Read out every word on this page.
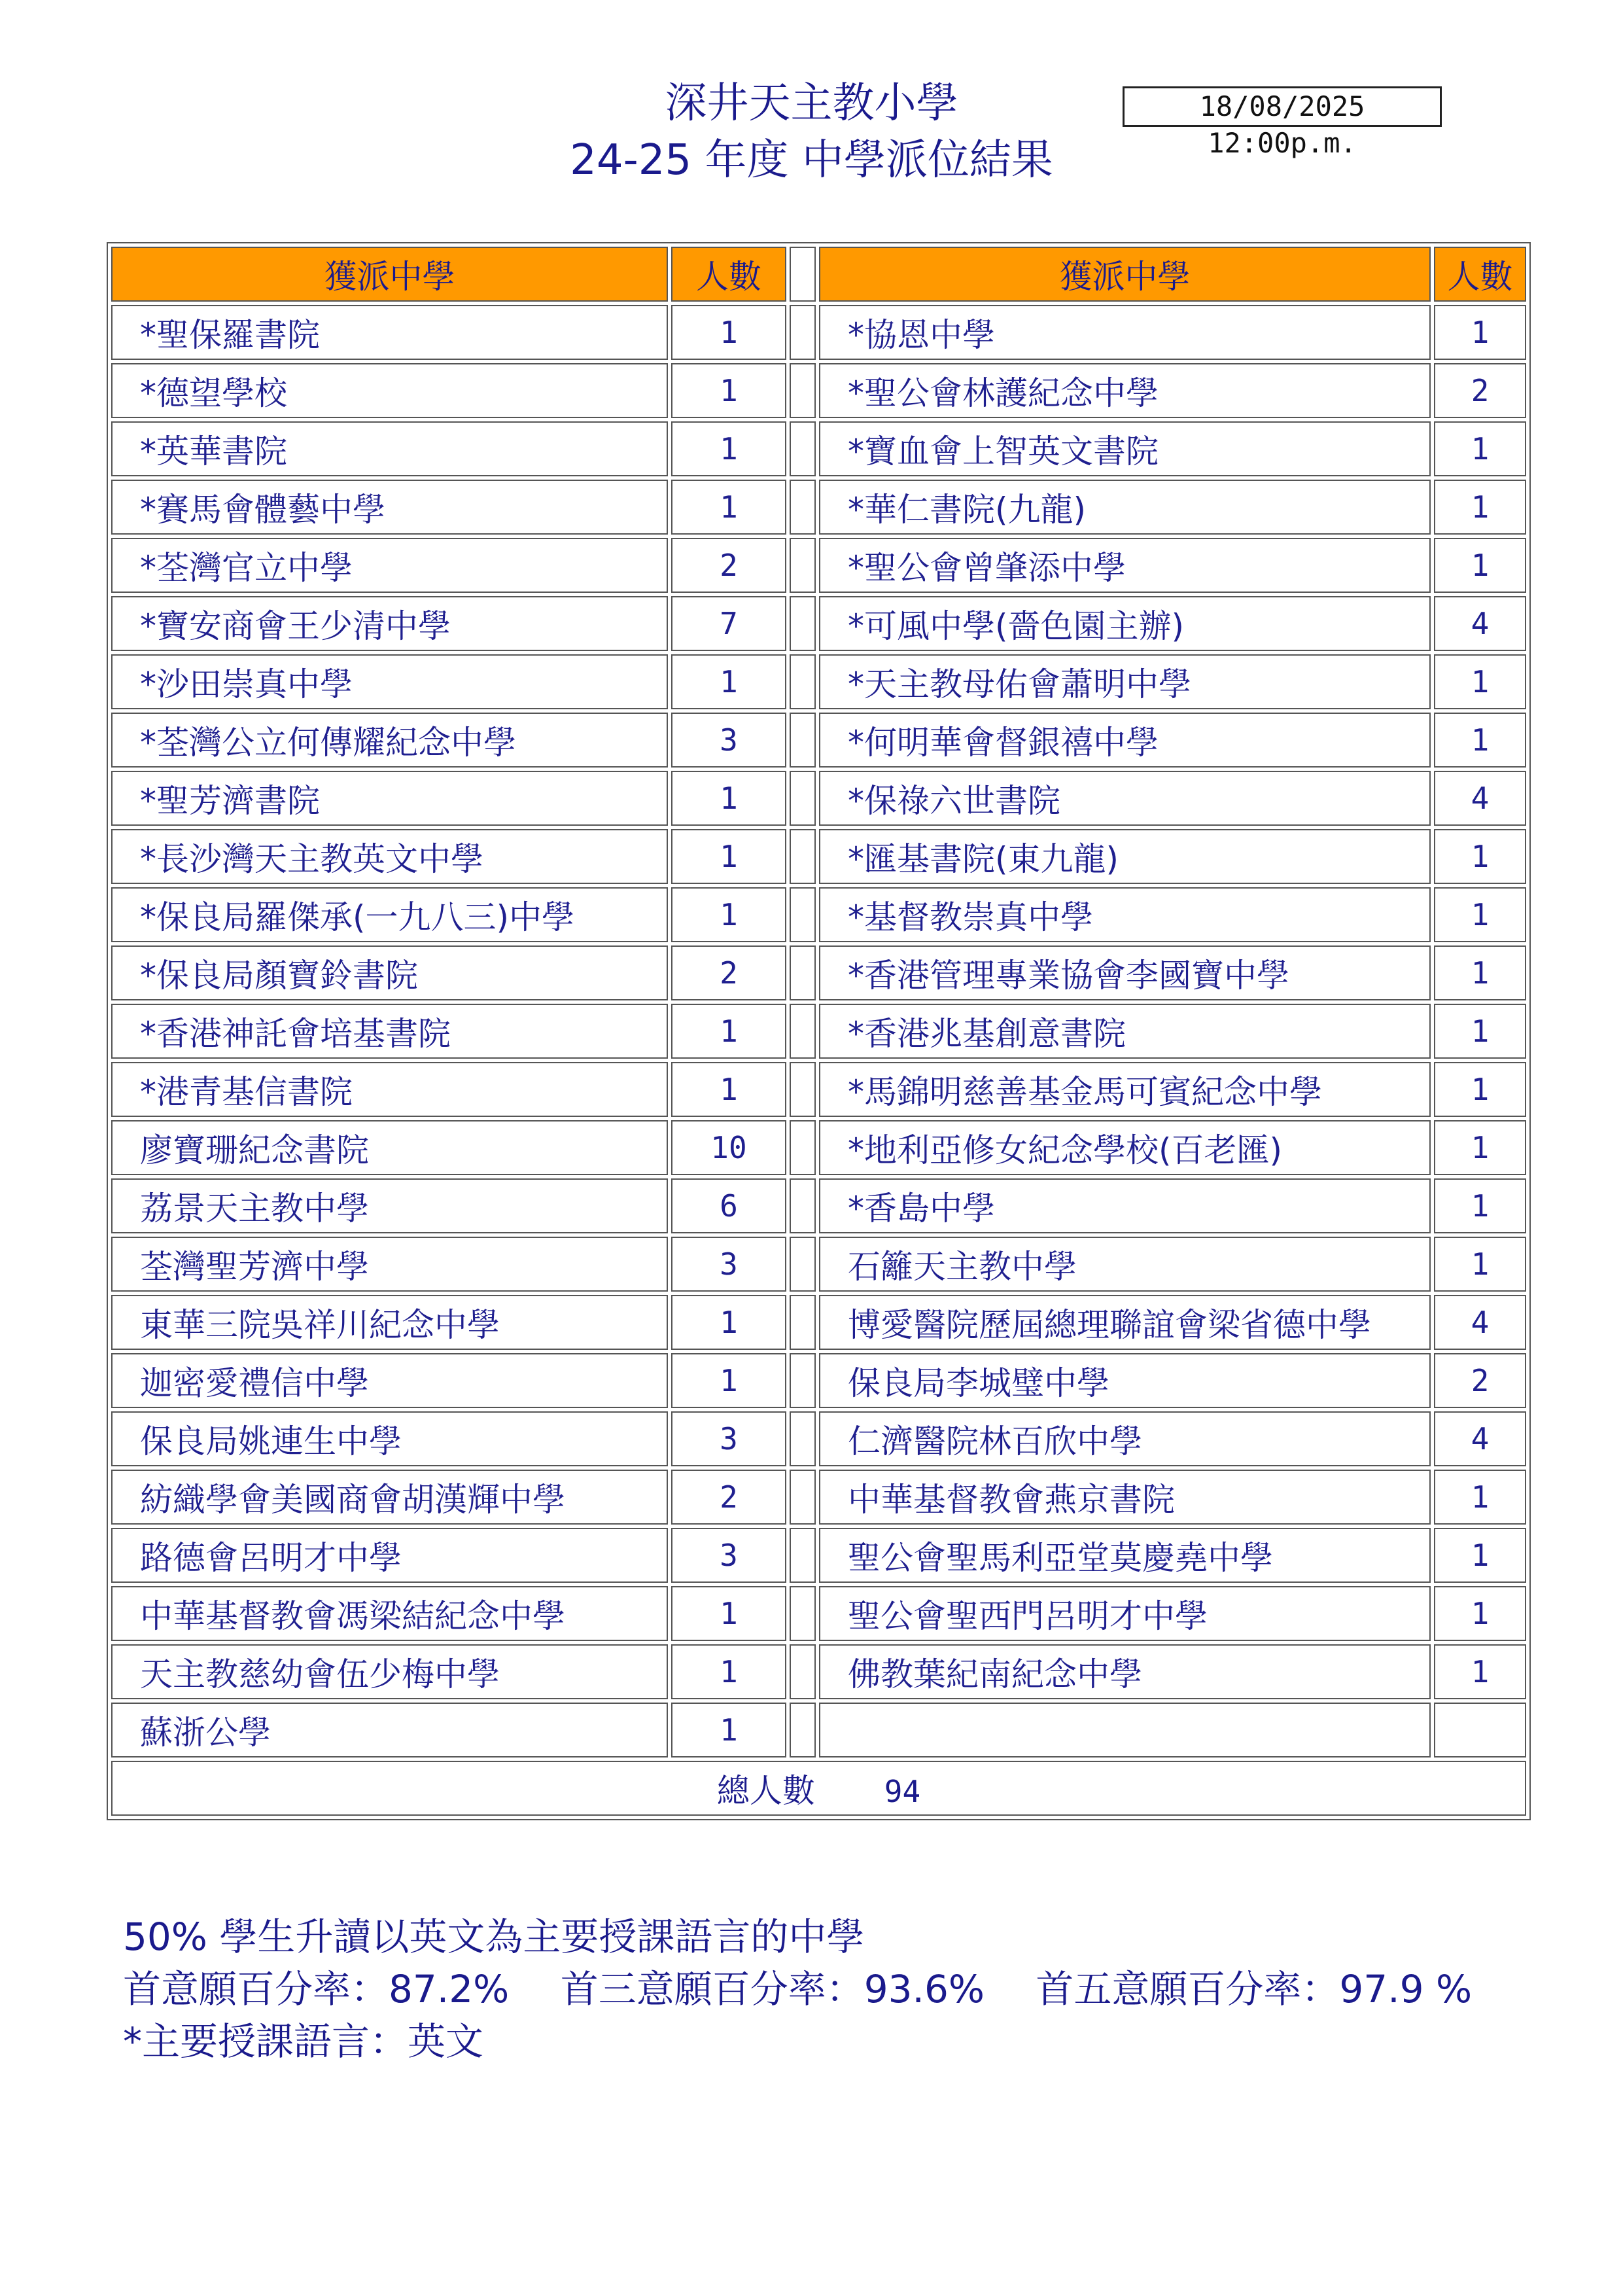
深井天主教小學	18/08/2025 12:00p.m.
24-25 年度 中學派位結果
獲派中學	人數		獲派中學	人數
*聖保羅書院	1		*協恩中學	1
*德望學校	1		*聖公會林護紀念中學	2
*英華書院	1		*寶血會上智英文書院	1
*賽馬會體藝中學	1		*華仁書院(九龍)	1
*荃灣官立中學	2		*聖公會曾肇添中學	1
*寶安商會王少清中學	7		*可風中學(嗇色園主辦)	4
*沙田崇真中學	1		*天主教母佑會蕭明中學	1
*荃灣公立何傳耀紀念中學	3		*何明華會督銀禧中學	1
*聖芳濟書院	1		*保祿六世書院	4
*長沙灣天主教英文中學	1		*匯基書院(東九龍)	1
*保良局羅傑承(一九八三)中學	1		*基督教崇真中學	1
*保良局顏寶鈴書院	2		*香港管理專業協會李國寶中學	1
*香港神託會培基書院	1		*香港兆基創意書院	1
*港青基信書院	1		*馬錦明慈善基金馬可賓紀念中學	1
廖寶珊紀念書院	10		*地利亞修女紀念學校(百老匯)	1
荔景天主教中學	6		*香島中學	1
荃灣聖芳濟中學	3		石籬天主教中學	1
東華三院吳祥川紀念中學	1		博愛醫院歷屆總理聯誼會梁省德中學	4
迦密愛禮信中學	1		保良局李城璧中學	2
保良局姚連生中學	3		仁濟醫院林百欣中學	4
紡織學會美國商會胡漢輝中學	2		中華基督教會燕京書院	1
路德會呂明才中學	3		聖公會聖馬利亞堂莫慶堯中學	1
中華基督教會馮梁結紀念中學	1		聖公會聖西門呂明才中學	1
天主教慈幼會伍少梅中學	1		佛教葉紀南紀念中學	1
蘇浙公學	1			
總人數 94				
50% 學生升讀以英文為主要授課語言的中學
首意願百分率：87.2% 首三意願百分率：93.6% 首五意願百分率：97.9 %
*主要授課語言：英文
